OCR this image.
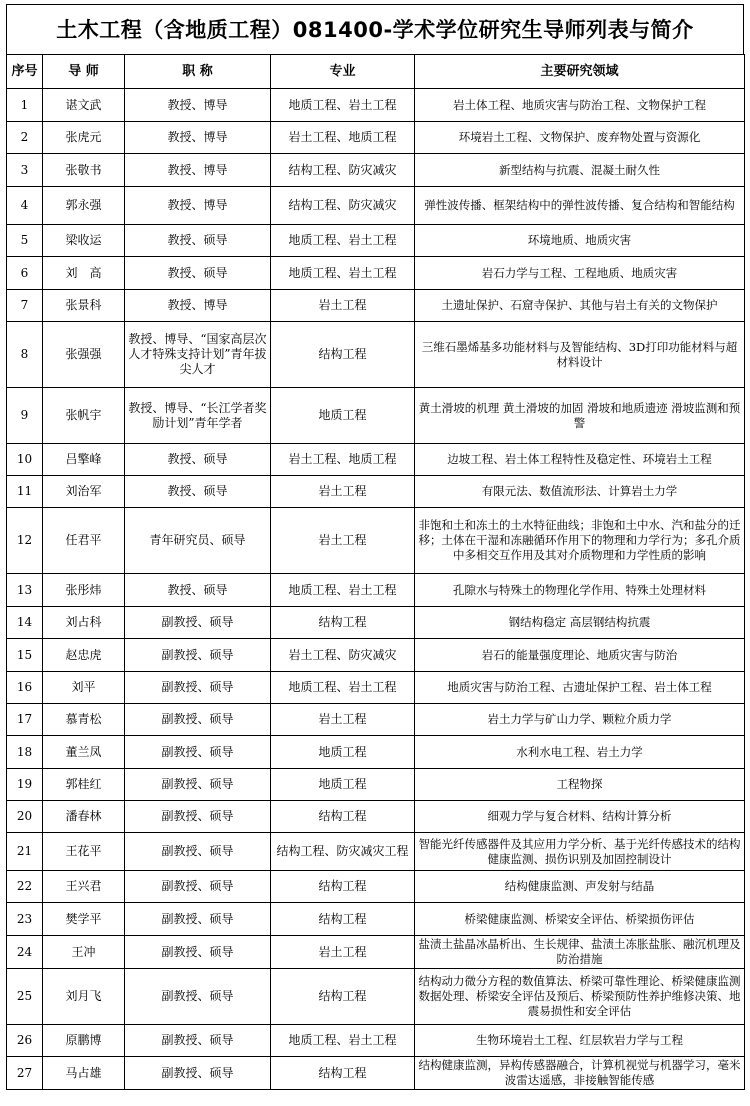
土木工程（含地质工程）081400-学术学位研究生导师列表与简介
序号	导 师	职 称	专业	主要研究领域
1	谌文武	教授、博导	地质工程、岩土工程	岩土体工程、地质灾害与防治工程、文物保护工程
2	张虎元	教授、博导	岩土工程、地质工程	环境岩土工程、文物保护、废弃物处置与资源化
3	张敬书	教授、博导	结构工程、防灾减灾	新型结构与抗震、混凝土耐久性
4	郭永强	教授、博导	结构工程、防灾减灾	弹性波传播、框架结构中的弹性波传播、复合结构和智能结构
5	梁收运	教授、硕导	地质工程、岩土工程	环境地质、地质灾害
6	刘　高	教授、硕导	地质工程、岩土工程	岩石力学与工程、工程地质、地质灾害
7	张景科	教授、博导	岩土工程	土遗址保护、石窟寺保护、其他与岩土有关的文物保护
8	张强强	教授、博导、“国家高层次人才特殊支持计划”青年拔尖人才	结构工程	三维石墨烯基多功能材料与及智能结构、3D打印功能材料与超材料设计
9	张帆宇	教授、博导、“长江学者奖励计划”青年学者	地质工程	黄土滑坡的机理 黄土滑坡的加固 滑坡和地质遗迹 滑坡监测和预警
10	吕擎峰	教授、硕导	岩土工程、地质工程	边坡工程、岩土体工程特性及稳定性、环境岩土工程
11	刘治军	教授、硕导	岩土工程	有限元法、数值流形法、计算岩土力学
12	任君平	青年研究员、硕导	岩土工程	非饱和土和冻土的土水特征曲线；非饱和土中水、汽和盐分的迁移；土体在干湿和冻融循环作用下的物理和力学行为；多孔介质中多相交互作用及其对介质物理和力学性质的影响
13	张彤炜	教授、硕导	地质工程、岩土工程	孔隙水与特殊土的物理化学作用、特殊土处理材料
14	刘占科	副教授、硕导	结构工程	钢结构稳定 高层钢结构抗震
15	赵忠虎	副教授、硕导	岩土工程、防灾减灾	岩石的能量强度理论、地质灾害与防治
16	刘平	副教授、硕导	地质工程、岩土工程	地质灾害与防治工程、古遗址保护工程、岩土体工程
17	慕青松	副教授、硕导	岩土工程	岩土力学与矿山力学、颗粒介质力学
18	董兰凤	副教授、硕导	地质工程	水利水电工程、岩土力学
19	郭桂红	副教授、硕导	地质工程	工程物探
20	潘春林	副教授、硕导	结构工程	细观力学与复合材料、结构计算分析
21	王花平	副教授、硕导	结构工程、防灾减灾工程	智能光纤传感器件及其应用力学分析、基于光纤传感技术的结构健康监测、损伤识别及加固控制设计
22	王兴君	副教授、硕导	结构工程	结构健康监测、声发射与结晶
23	樊学平	副教授、硕导	结构工程	桥梁健康监测、桥梁安全评估、桥梁损伤评估
24	王冲	副教授、硕导	岩土工程	盐渍土盐晶冰晶析出、生长规律、盐渍土冻胀盐胀、融沉机理及防治措施
25	刘月飞	副教授、硕导	结构工程	结构动力微分方程的数值算法、桥梁可靠性理论、桥梁健康监测数据处理、桥梁安全评估及预后、桥梁预防性养护维修决策、地震易损性和安全评估
26	原鹏博	副教授、硕导	地质工程、岩土工程	生物环境岩土工程、红层软岩力学与工程
27	马占雄	副教授、硕导	结构工程	结构健康监测，异构传感器融合，计算机视觉与机器学习，毫米波雷达遥感，非接触智能传感
